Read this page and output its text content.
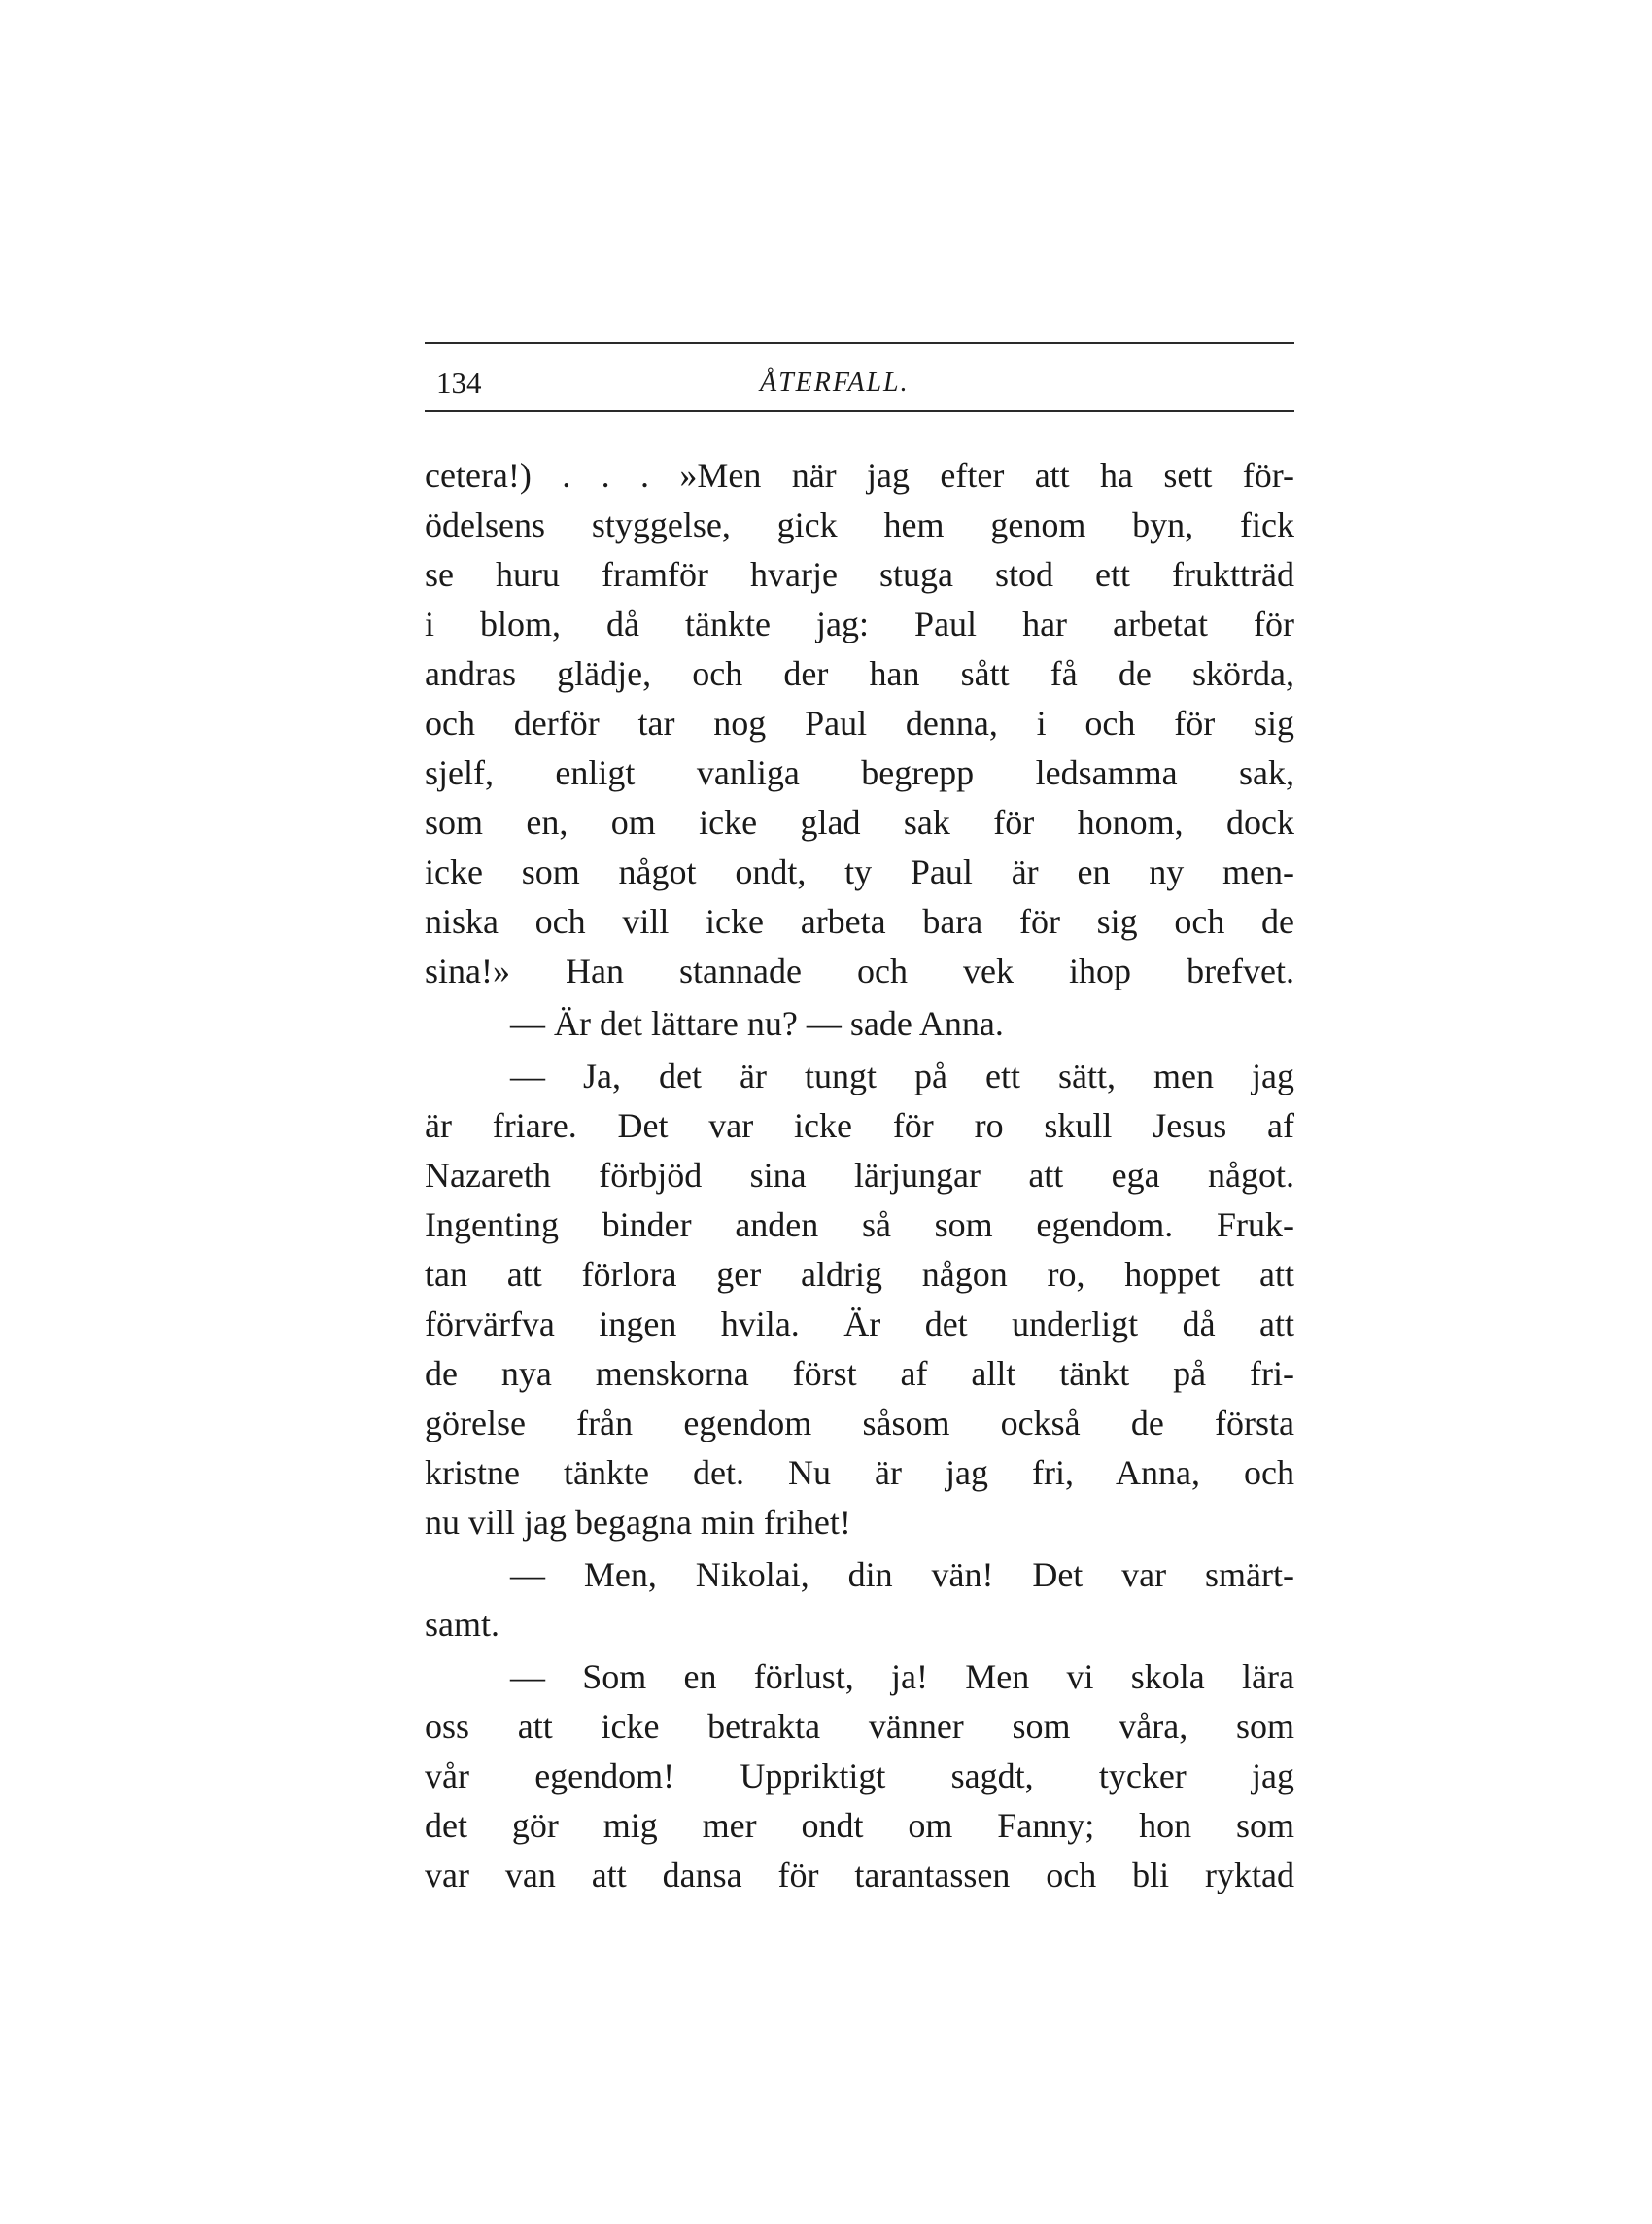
134	ÅTERFALL.
cetera!) . . . »Men när jag efter att ha sett för-
ödelsens styggelse, gick hem genom byn, fick
se huru framför hvarje stuga stod ett fruktträd
i blom, då tänkte jag: Paul har arbetat för
andras glädje, och der han sått få de skörda,
och derför tar nog Paul denna, i och för sig
sjelf, enligt vanliga begrepp ledsamma sak,
som en, om icke glad sak för honom, dock
icke som något ondt, ty Paul är en ny men-
niska och vill icke arbeta bara för sig och de
sina!» Han stannade och vek ihop brefvet.
— Är det lättare nu? — sade Anna.
— Ja, det är tungt på ett sätt, men jag
är friare. Det var icke för ro skull Jesus af
Nazareth förbjöd sina lärjungar att ega något.
Ingenting binder anden så som egendom. Fruk-
tan att förlora ger aldrig någon ro, hoppet att
förvärfva ingen hvila. Är det underligt då att
de nya menskorna först af allt tänkt på fri-
görelse från egendom såsom också de första
kristne tänkte det. Nu är jag fri, Anna, och
nu vill jag begagna min frihet!
— Men, Nikolai, din vän! Det var smärt-
samt.
— Som en förlust, ja! Men vi skola lära
oss att icke betrakta vänner som våra, som
vår egendom! Uppriktigt sagdt, tycker jag
det gör mig mer ondt om Fanny; hon som
var van att dansa för tarantassen och bli ryktad
